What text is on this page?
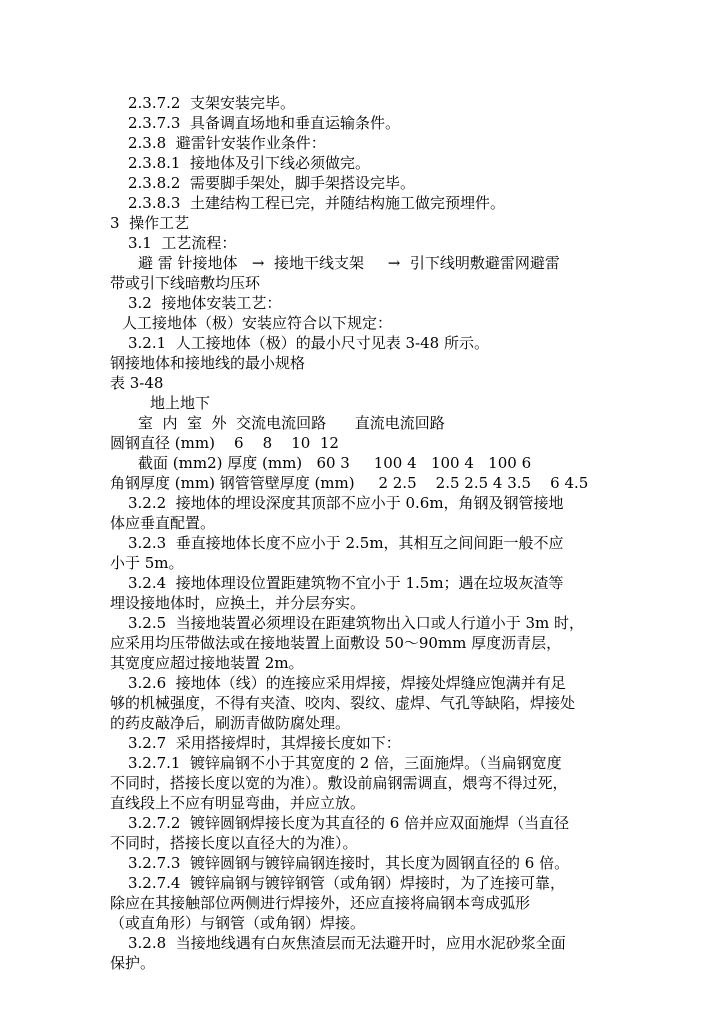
2.3.7.2  支架安装完毕。
2.3.7.3  具备调直场地和垂直运输条件。
2.3.8  避雷针安装作业条件：
2.3.8.1  接地体及引下线必须做完。
2.3.8.2  需要脚手架处，脚手架搭设完毕。
2.3.8.3  土建结构工程已完，并随结构施工做完预埋件。
3  操作工艺
3.1  工艺流程：
避 雷 针接地体   →  接地干线支架     →  引下线明敷避雷网避雷
带或引下线暗敷均压环
3.2  接地体安装工艺：
人工接地体（极）安装应符合以下规定：
3.2.1  人工接地体（极）的最小尺寸见表 3-48 所示。
钢接地体和接地线的最小规格
表 3-48
地上地下
室  内  室  外  交流电流回路      直流电流回路
圆钢直径 (mm)    6    8    10  12
截面 (mm2) 厚度 (mm)   60 3     100 4   100 4   100 6
角钢厚度 (mm) 钢管管壁厚度 (mm)     2 2.5    2.5 2.5 4 3.5    6 4.5
3.2.2  接地体的埋设深度其顶部不应小于 0.6m，角钢及钢管接地
体应垂直配置。
3.2.3  垂直接地体长度不应小于 2.5m，其相互之间间距一般不应
小于 5m。
3.2.4  接地体理设位置距建筑物不宜小于 1.5m；遇在垃圾灰渣等
埋设接地体时，应换土，并分层夯实。
3.2.5  当接地装置必须埋设在距建筑物出入口或人行道小于 3m 时，
应采用均压带做法或在接地装置上面敷设 50～90mm 厚度沥青层，
其宽度应超过接地装置 2m。
3.2.6  接地体（线）的连接应采用焊接，焊接处焊缝应饱满并有足
够的机械强度，不得有夹渣、咬肉、裂纹、虚焊、气孔等缺陷，焊接处
的药皮敲净后，刷沥青做防腐处理。
3.2.7  采用搭接焊时，其焊接长度如下：
3.2.7.1  镀锌扁钢不小于其宽度的 2 倍，三面施焊。（当扁钢宽度
不同时，搭接长度以宽的为准）。敷设前扁钢需调直，煨弯不得过死，
直线段上不应有明显弯曲，并应立放。
3.2.7.2  镀锌圆钢焊接长度为其直径的 6 倍并应双面施焊（当直径
不同时，搭接长度以直径大的为准）。
3.2.7.3  镀锌圆钢与镀锌扁钢连接时，其长度为圆钢直径的 6 倍。
3.2.7.4  镀锌扁钢与镀锌钢管（或角钢）焊接时，为了连接可靠，
除应在其接触部位两侧进行焊接外，还应直接将扁钢本弯成弧形
（或直角形）与钢管（或角钢）焊接。
3.2.8  当接地线遇有白灰焦渣层而无法避开时，应用水泥砂浆全面
保护。
